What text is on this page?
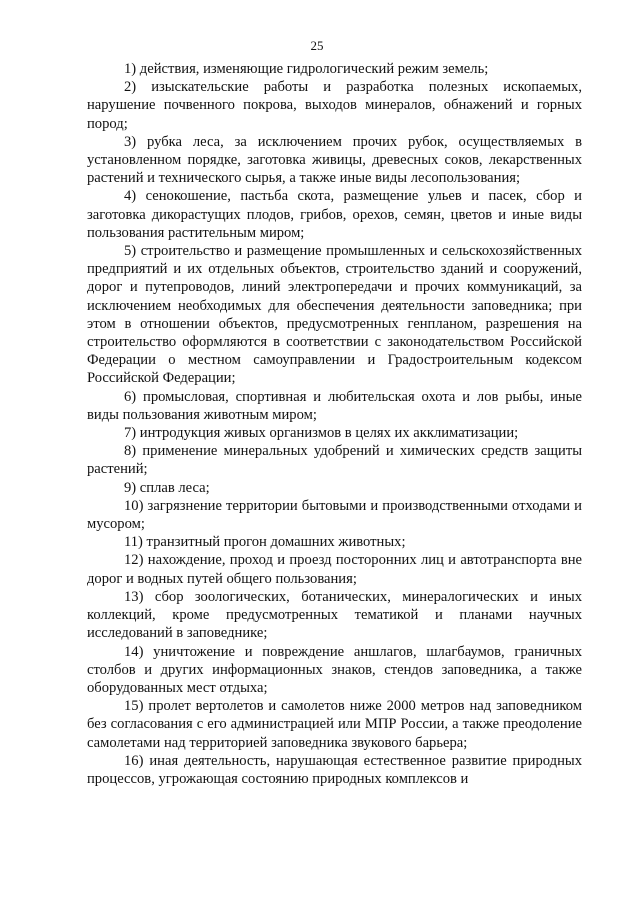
25

1) действия, изменяющие гидрологический режим земель;

2) изыскательские работы и разработка полезных ископаемых, нарушение почвенного покрова, выходов минералов, обнажений и горных пород;

3) рубка леса, за исключением прочих рубок, осуществляемых в установленном порядке, заготовка живицы, древесных соков, лекарственных растений и технического сырья, а также иные виды лесопользования;

4) сенокошение, пастьба скота, размещение ульев и пасек, сбор и заготовка дикорастущих плодов, грибов, орехов, семян, цветов и иные виды пользования растительным миром;

5) строительство и размещение промышленных и сельскохозяйственных предприятий и их отдельных объектов, строительство зданий и сооружений, дорог и путепроводов, линий электропередачи и прочих коммуникаций, за исключением необходимых для обеспечения деятельности заповедника; при этом в отношении объектов, предусмотренных генпланом, разрешения на строительство оформляются в соответствии с законодательством Российской Федерации о местном самоуправлении и Градостроительным кодексом Российской Федерации;

6) промысловая, спортивная и любительская охота и лов рыбы, иные виды пользования животным миром;

7) интродукция живых организмов в целях их акклиматизации;

8) применение минеральных удобрений и химических средств защиты растений;

9) сплав леса;

10) загрязнение территории бытовыми и производственными отходами и мусором;

11) транзитный прогон домашних животных;

12) нахождение, проход и проезд посторонних лиц и автотранспорта вне дорог и водных путей общего пользования;

13) сбор зоологических, ботанических, минералогических и иных коллекций, кроме предусмотренных тематикой и планами научных исследований в заповеднике;

14) уничтожение и повреждение аншлагов, шлагбаумов, граничных столбов и других информационных знаков, стендов заповедника, а также оборудованных мест отдыха;

15) пролет вертолетов и самолетов ниже 2000 метров над заповедником без согласования с его администрацией или МПР России, а также преодоление самолетами над территорией заповедника звукового барьера;

16) иная деятельность, нарушающая естественное развитие природных процессов, угрожающая состоянию природных комплексов и
